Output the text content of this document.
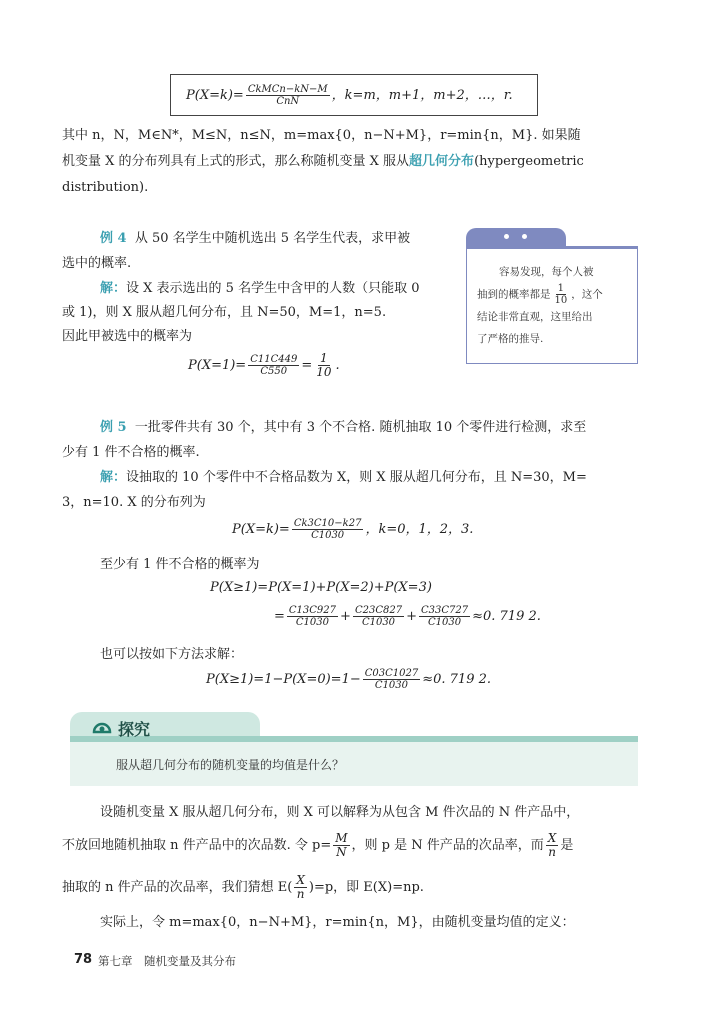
$P(X=k)= \frac{\text{CkMCn−kN−M}}{\text{CnN}}$ ，k=m，m+1，m+2，…，r.
其中 n，N，M∈N*，M≤N，n≤N，m=max{0，n−N+M}，r=min{n，M}. 如果随
机变量 X 的分布列具有上式的形式，那么称随机变量 X 服从超几何分布(hypergeometric
distribution).
例 4 从 50 名学生中随机选出 5 名学生代表，求甲被
选中的概率.
解：设 X 表示选出的 5 名学生中含甲的人数（只能取 0
或 1)，则 X 服从超几何分布，且 N=50，M=1，n=5.
因此甲被选中的概率为
$P(X=1)= \frac{C11C449}{C550} = \frac{1}{10}$ .
容易发现，每个人被
抽到的概率都是 $\frac{1}{10}$ ，这个
结论非常直观，这里给出
了严格的推导.
例 5 一批零件共有 30 个，其中有 3 个不合格. 随机抽取 10 个零件进行检测，求至
少有 1 件不合格的概率.
解：设抽取的 10 个零件中不合格品数为 X，则 X 服从超几何分布，且 N=30，M=
3，n=10. X 的分布列为
$P(X=k)= \frac{Ck3C10-k27}{C1030}$ ，k=0，1，2，3.
至少有 1 件不合格的概率为
P(X≥1)=P(X=1)+P(X=2)+P(X=3)
= $\frac{C13C927}{C1030} + \frac{C23C827}{C1030} + \frac{C33C727}{C1030} \approx 0$. 719 2.
也可以按如下方法求解：
$P(X\ge 1)=1-P(X=0)=1- \frac{C03C1027}{C1030} \approx 0$. 719 2.
探究
服从超几何分布的随机变量的均值是什么？
设随机变量 X 服从超几何分布，则 X 可以解释为从包含 M 件次品的 N 件产品中，
不放回地随机抽取 n 件产品中的次品数. 令 $p= \frac{M}{N}$ ，则 p 是 N 件产品的次品率，而 $\frac{X}{n}$ 是
抽取的 n 件产品的次品率，我们猜想 $E( \frac{X}{n} )=p$，即 E(X)=np.
实际上，令 m=max{0，n−N+M}，r=min{n，M}，由随机变量均值的定义：
78 第七章　随机变量及其分布
